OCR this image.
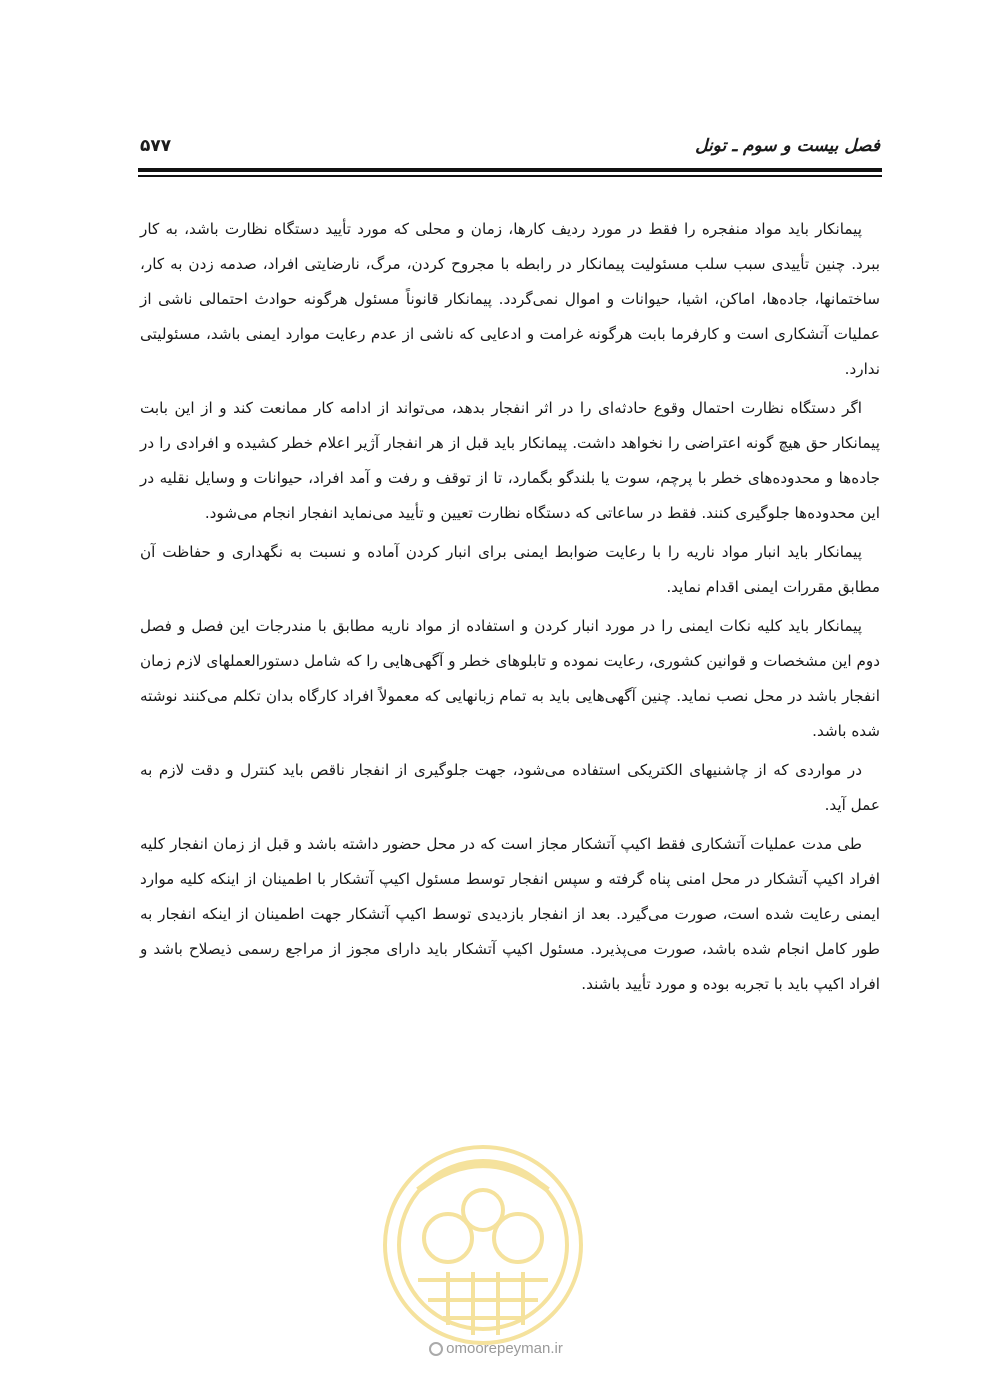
۵۷۷	فصل بیست و سوم ـ تونل

پیمانکار باید مواد منفجره را فقط در مورد ردیف کارها، زمان و محلی که مورد تأیید دستگاه نظارت باشد، به کار ببرد. چنین تأییدی سبب سلب مسئولیت پیمانکار در رابطه با مجروح کردن، مرگ، نارضایتی افراد، صدمه زدن به کار، ساختمانها، جاده‌ها، اماکن، اشیا، حیوانات و اموال نمی‌گردد. پیمانکار قانوناً مسئول هرگونه حوادث احتمالی ناشی از عملیات آتشکاری است و کارفرما بابت هرگونه غرامت و ادعایی که ناشی از عدم رعایت موارد ایمنی باشد، مسئولیتی ندارد.

اگر دستگاه نظارت احتمال وقوع حادثه‌ای را در اثر انفجار بدهد، می‌تواند از ادامه کار ممانعت کند و از این بابت پیمانکار حق هیچ گونه اعتراضی را نخواهد داشت. پیمانکار باید قبل از هر انفجار آژیر اعلام خطر کشیده و افرادی را در جاده‌ها و محدوده‌های خطر با پرچم، سوت یا بلندگو بگمارد، تا از توقف و رفت و آمد افراد، حیوانات و وسایل نقلیه در این محدوده‌ها جلوگیری کنند. فقط در ساعاتی که دستگاه نظارت تعیین و تأیید می‌نماید انفجار انجام می‌شود.

پیمانکار باید انبار مواد ناریه را با رعایت ضوابط ایمنی برای انبار کردن آماده و نسبت به نگهداری و حفاظت آن مطابق مقررات ایمنی اقدام نماید.

پیمانکار باید کلیه نکات ایمنی را در مورد انبار کردن و استفاده از مواد ناریه مطابق با مندرجات این فصل و فصل دوم این مشخصات و قوانین کشوری، رعایت نموده و تابلوهای خطر و آگهی‌هایی را که شامل دستورالعملهای لازم زمان انفجار باشد در محل نصب نماید. چنین آگهی‌هایی باید به تمام زبانهایی که معمولاً افراد کارگاه بدان تکلم می‌کنند نوشته شده باشد.

در مواردی که از چاشنیهای الکتریکی استفاده می‌شود، جهت جلوگیری از انفجار ناقص باید کنترل و دقت لازم به عمل آید.

طی مدت عملیات آتشکاری فقط اکیپ آتشکار مجاز است که در محل حضور داشته باشد و قبل از زمان انفجار کلیه افراد اکیپ آتشکار در محل امنی پناه گرفته و سپس انفجار توسط مسئول اکیپ آتشکار با اطمینان از اینکه کلیه موارد ایمنی رعایت شده است، صورت می‌گیرد. بعد از انفجار بازدیدی توسط اکیپ آتشکار جهت اطمینان از اینکه انفجار به طور کامل انجام شده باشد، صورت می‌پذیرد. مسئول اکیپ آتشکار باید دارای مجوز از مراجع رسمی ذیصلاح باشد و افراد اکیپ باید با تجربه بوده و مورد تأیید باشند.

omoorepeyman.ir
